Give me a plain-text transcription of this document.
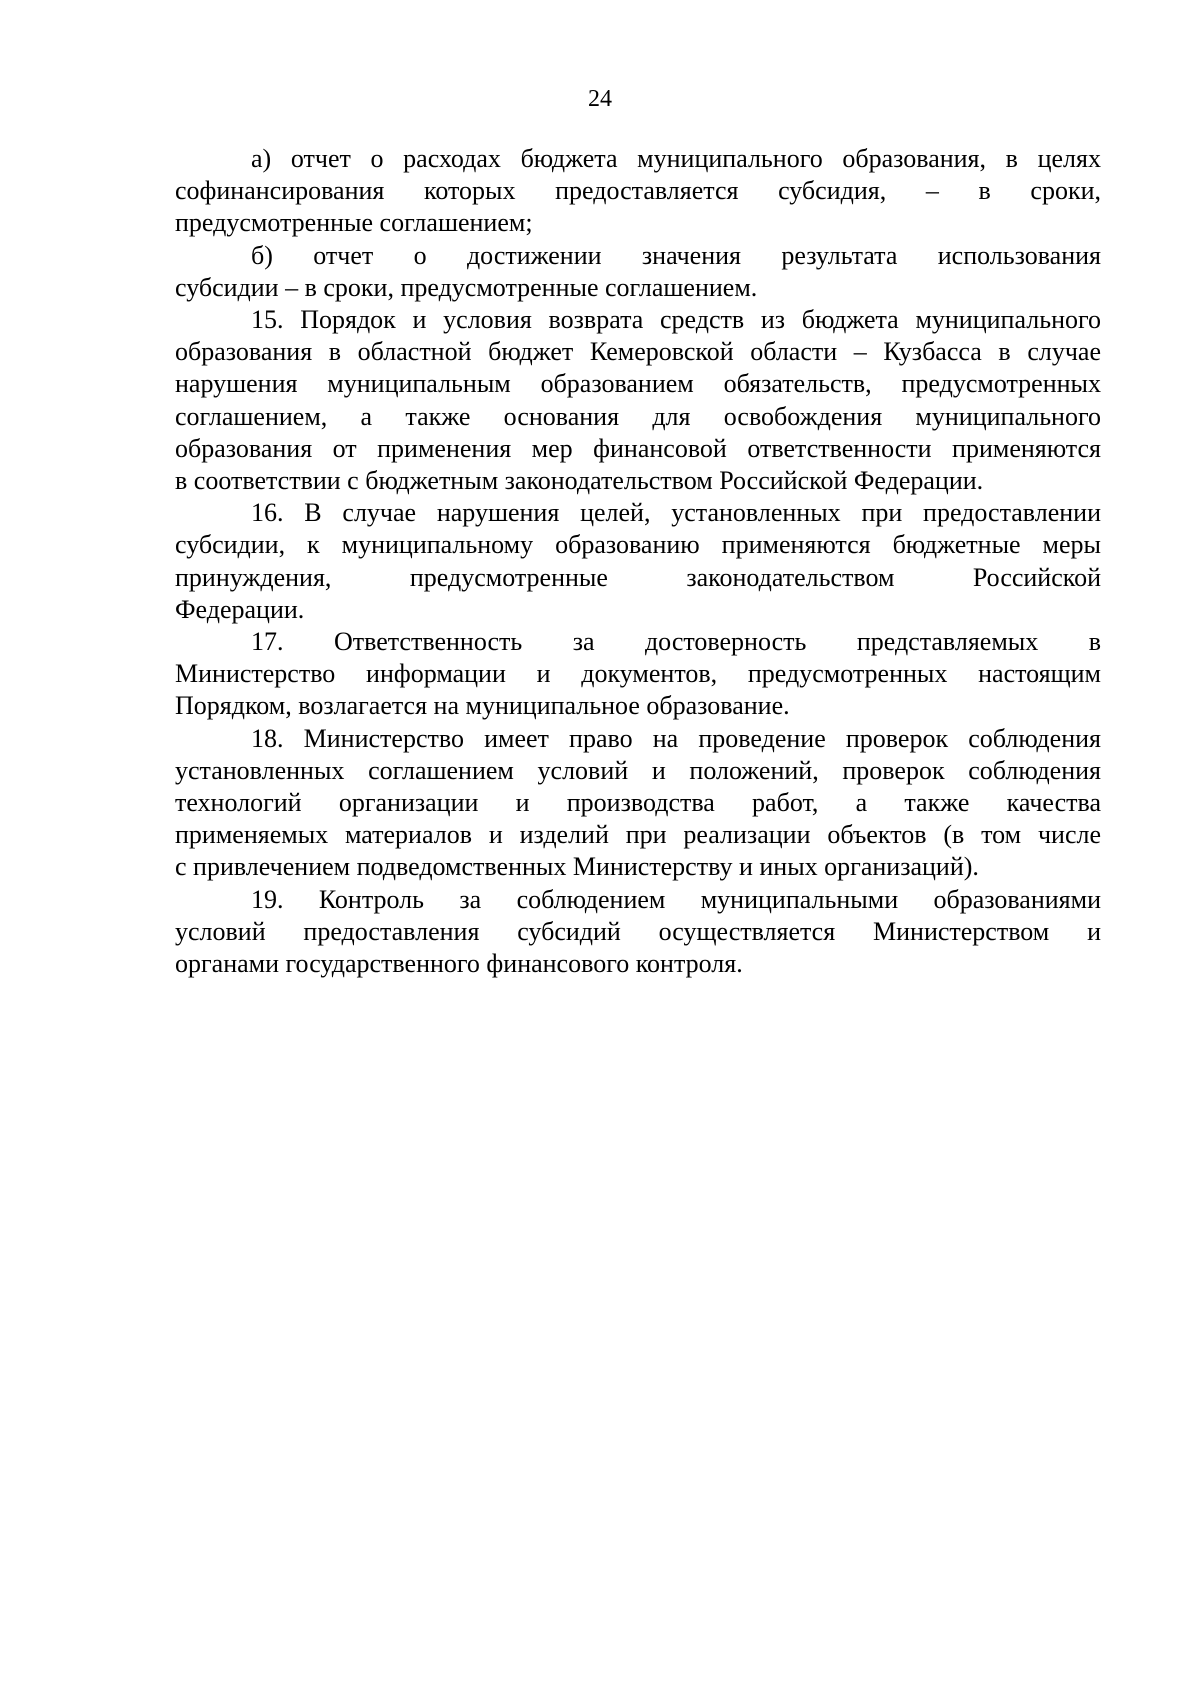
24

а) отчет о расходах бюджета муниципального образования, в целях
софинансирования которых предоставляется субсидия, – в сроки,
предусмотренные соглашением;

б) отчет о достижении значения результата использования
субсидии – в сроки, предусмотренные соглашением.

15. Порядок и условия возврата средств из бюджета муниципального
образования в областной бюджет Кемеровской области – Кузбасса в случае
нарушения муниципальным образованием обязательств, предусмотренных
соглашением, а также основания для освобождения муниципального
образования от применения мер финансовой ответственности применяются
в соответствии с бюджетным законодательством Российской Федерации.

16. В случае нарушения целей, установленных при предоставлении
субсидии, к муниципальному образованию применяются бюджетные меры
принуждения, предусмотренные законодательством Российской
Федерации.

17. Ответственность за достоверность представляемых в
Министерство информации и документов, предусмотренных настоящим
Порядком, возлагается на муниципальное образование.

18. Министерство имеет право на проведение проверок соблюдения
установленных соглашением условий и положений, проверок соблюдения
технологий организации и производства работ, а также качества
применяемых материалов и изделий при реализации объектов (в том числе
с привлечением подведомственных Министерству и иных организаций).

19. Контроль за соблюдением муниципальными образованиями
условий предоставления субсидий осуществляется Министерством и
органами государственного финансового контроля.
